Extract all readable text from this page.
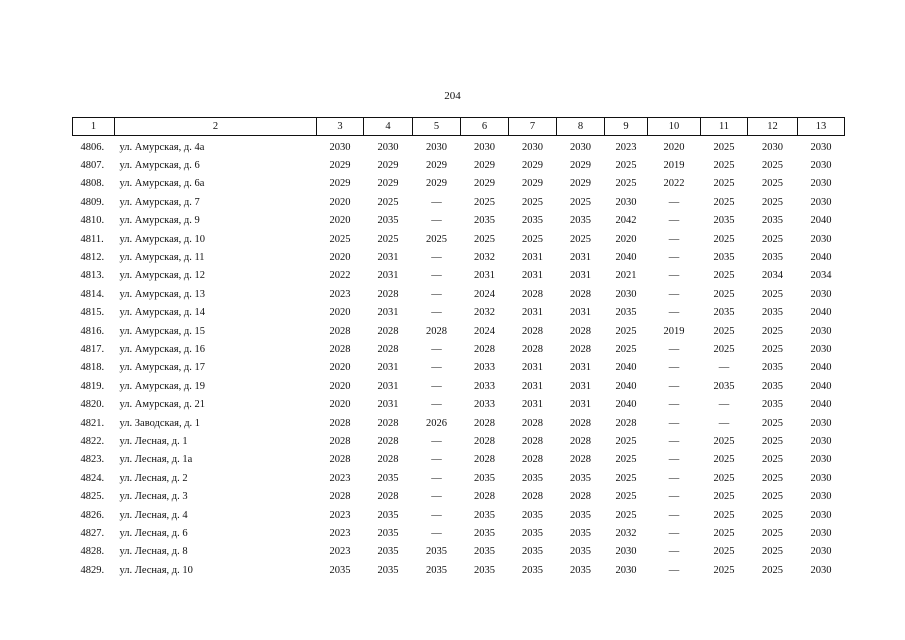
204
1	2	3	4	5	6	7	8	9	10	11	12	13
4806.	ул. Амурская, д. 4а	2030	2030	2030	2030	2030	2030	2023	2020	2025	2030	2030
4807.	ул. Амурская, д. 6	2029	2029	2029	2029	2029	2029	2025	2019	2025	2025	2030
4808.	ул. Амурская, д. 6а	2029	2029	2029	2029	2029	2029	2025	2022	2025	2025	2030
4809.	ул. Амурская, д. 7	2020	2025	—	2025	2025	2025	2030	—	2025	2025	2030
4810.	ул. Амурская, д. 9	2020	2035	—	2035	2035	2035	2042	—	2035	2035	2040
4811.	ул. Амурская, д. 10	2025	2025	2025	2025	2025	2025	2020	—	2025	2025	2030
4812.	ул. Амурская, д. 11	2020	2031	—	2032	2031	2031	2040	—	2035	2035	2040
4813.	ул. Амурская, д. 12	2022	2031	—	2031	2031	2031	2021	—	2025	2034	2034
4814.	ул. Амурская, д. 13	2023	2028	—	2024	2028	2028	2030	—	2025	2025	2030
4815.	ул. Амурская, д. 14	2020	2031	—	2032	2031	2031	2035	—	2035	2035	2040
4816.	ул. Амурская, д. 15	2028	2028	2028	2024	2028	2028	2025	2019	2025	2025	2030
4817.	ул. Амурская, д. 16	2028	2028	—	2028	2028	2028	2025	—	2025	2025	2030
4818.	ул. Амурская, д. 17	2020	2031	—	2033	2031	2031	2040	—	—	2035	2040
4819.	ул. Амурская, д. 19	2020	2031	—	2033	2031	2031	2040	—	2035	2035	2040
4820.	ул. Амурская, д. 21	2020	2031	—	2033	2031	2031	2040	—	—	2035	2040
4821.	ул. Заводская, д. 1	2028	2028	2026	2028	2028	2028	2028	—	—	2025	2030
4822.	ул. Лесная, д. 1	2028	2028	—	2028	2028	2028	2025	—	2025	2025	2030
4823.	ул. Лесная, д. 1а	2028	2028	—	2028	2028	2028	2025	—	2025	2025	2030
4824.	ул. Лесная, д. 2	2023	2035	—	2035	2035	2035	2025	—	2025	2025	2030
4825.	ул. Лесная, д. 3	2028	2028	—	2028	2028	2028	2025	—	2025	2025	2030
4826.	ул. Лесная, д. 4	2023	2035	—	2035	2035	2035	2025	—	2025	2025	2030
4827.	ул. Лесная, д. 6	2023	2035	—	2035	2035	2035	2032	—	2025	2025	2030
4828.	ул. Лесная, д. 8	2023	2035	2035	2035	2035	2035	2030	—	2025	2025	2030
4829.	ул. Лесная, д. 10	2035	2035	2035	2035	2035	2035	2030	—	2025	2025	2030
